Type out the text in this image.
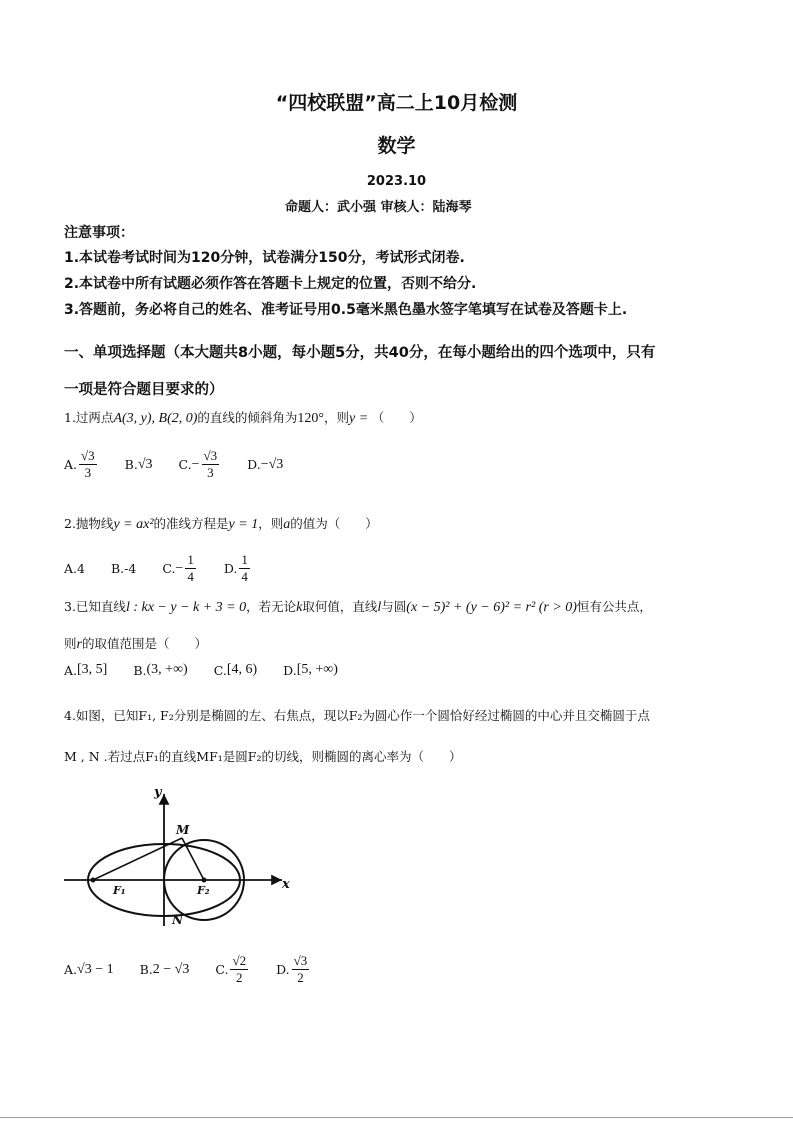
“四校联盟”高二上10月检测
数学
2023.10
命题人：武小强 审核人：陆海琴
注意事项：
1.本试卷考试时间为120分钟，试卷满分150分，考试形式闭卷.
2.本试卷中所有试题必须作答在答题卡上规定的位置，否则不给分.
3.答题前，务必将自己的姓名、准考证号用0.5毫米黑色墨水签字笔填写在试卷及答题卡上.
一、单项选择题（本大题共8小题，每小题5分，共40分，在每小题给出的四个选项中，只有
一项是符合题目要求的）
1.过两点A(3, y), B(2, 0)的直线的倾斜角为120°，则y = （　　）
A. $\frac{√3}{3} B$. √3 C. − $\frac{√3}{3} D$. −√3
2.抛物线y = ax²的准线方程是y = 1，则a的值为（　　）
A. 4 B. -4 C. − $\frac{1}{4} D$. $\frac{1}{4}$
3.已知直线l : kx − y − k + 3 = 0，若无论k取何值，直线l与圆(x − 5)² + (y − 6)² = r² (r > 0)恒有公共点，
则r的取值范围是（　　）
A. [3, 5] B. (3, +∞) C. [4, 6) D. [5, +∞)
4.如图，已知F₁, F₂分别是椭圆的左、右焦点，现以F₂为圆心作一个圆恰好经过椭圆的中心并且交椭圆于点
M , N .若过点F₁的直线MF₁是圆F₂的切线，则椭圆的离心率为（　　）
y
x
M
N
F₁	F₂
A. √3 − 1 B. 2 − √3 C. $\frac{√2}{2} D$. $\frac{√3}{2}$
